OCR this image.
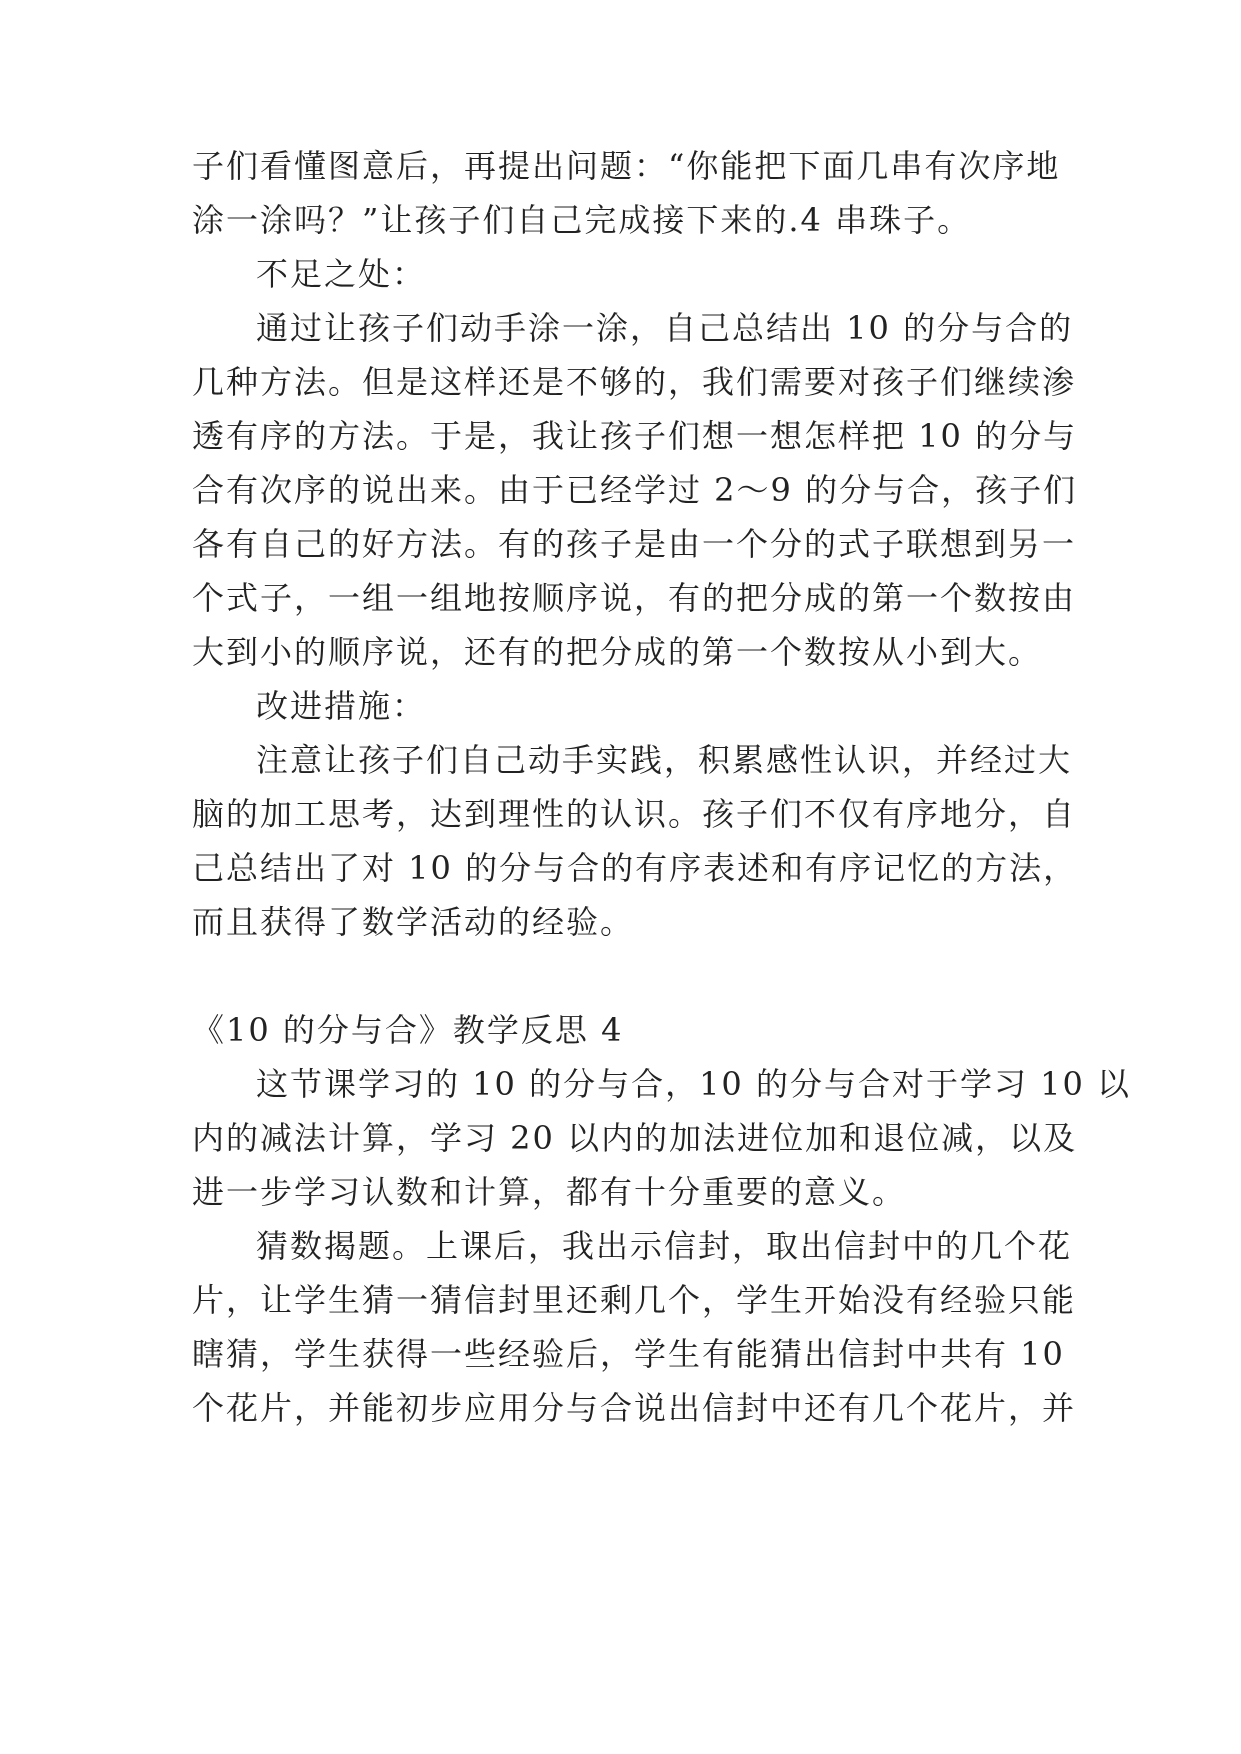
子们看懂图意后，再提出问题：“你能把下面几串有次序地
涂一涂吗？”让孩子们自己完成接下来的.4 串珠子。
不足之处：
通过让孩子们动手涂一涂，自己总结出 10 的分与合的
几种方法。但是这样还是不够的，我们需要对孩子们继续渗
透有序的方法。于是，我让孩子们想一想怎样把 10 的分与
合有次序的说出来。由于已经学过 2～9 的分与合，孩子们
各有自己的好方法。有的孩子是由一个分的式子联想到另一
个式子，一组一组地按顺序说，有的把分成的第一个数按由
大到小的顺序说，还有的把分成的第一个数按从小到大。
改进措施：
注意让孩子们自己动手实践，积累感性认识，并经过大
脑的加工思考，达到理性的认识。孩子们不仅有序地分，自
己总结出了对 10 的分与合的有序表述和有序记忆的方法，
而且获得了数学活动的经验。
《10 的分与合》教学反思 4
这节课学习的 10 的分与合，10 的分与合对于学习 10 以
内的减法计算，学习 20 以内的加法进位加和退位减，以及
进一步学习认数和计算，都有十分重要的意义。
猜数揭题。上课后，我出示信封，取出信封中的几个花
片，让学生猜一猜信封里还剩几个，学生开始没有经验只能
瞎猜，学生获得一些经验后，学生有能猜出信封中共有 10
个花片，并能初步应用分与合说出信封中还有几个花片，并
